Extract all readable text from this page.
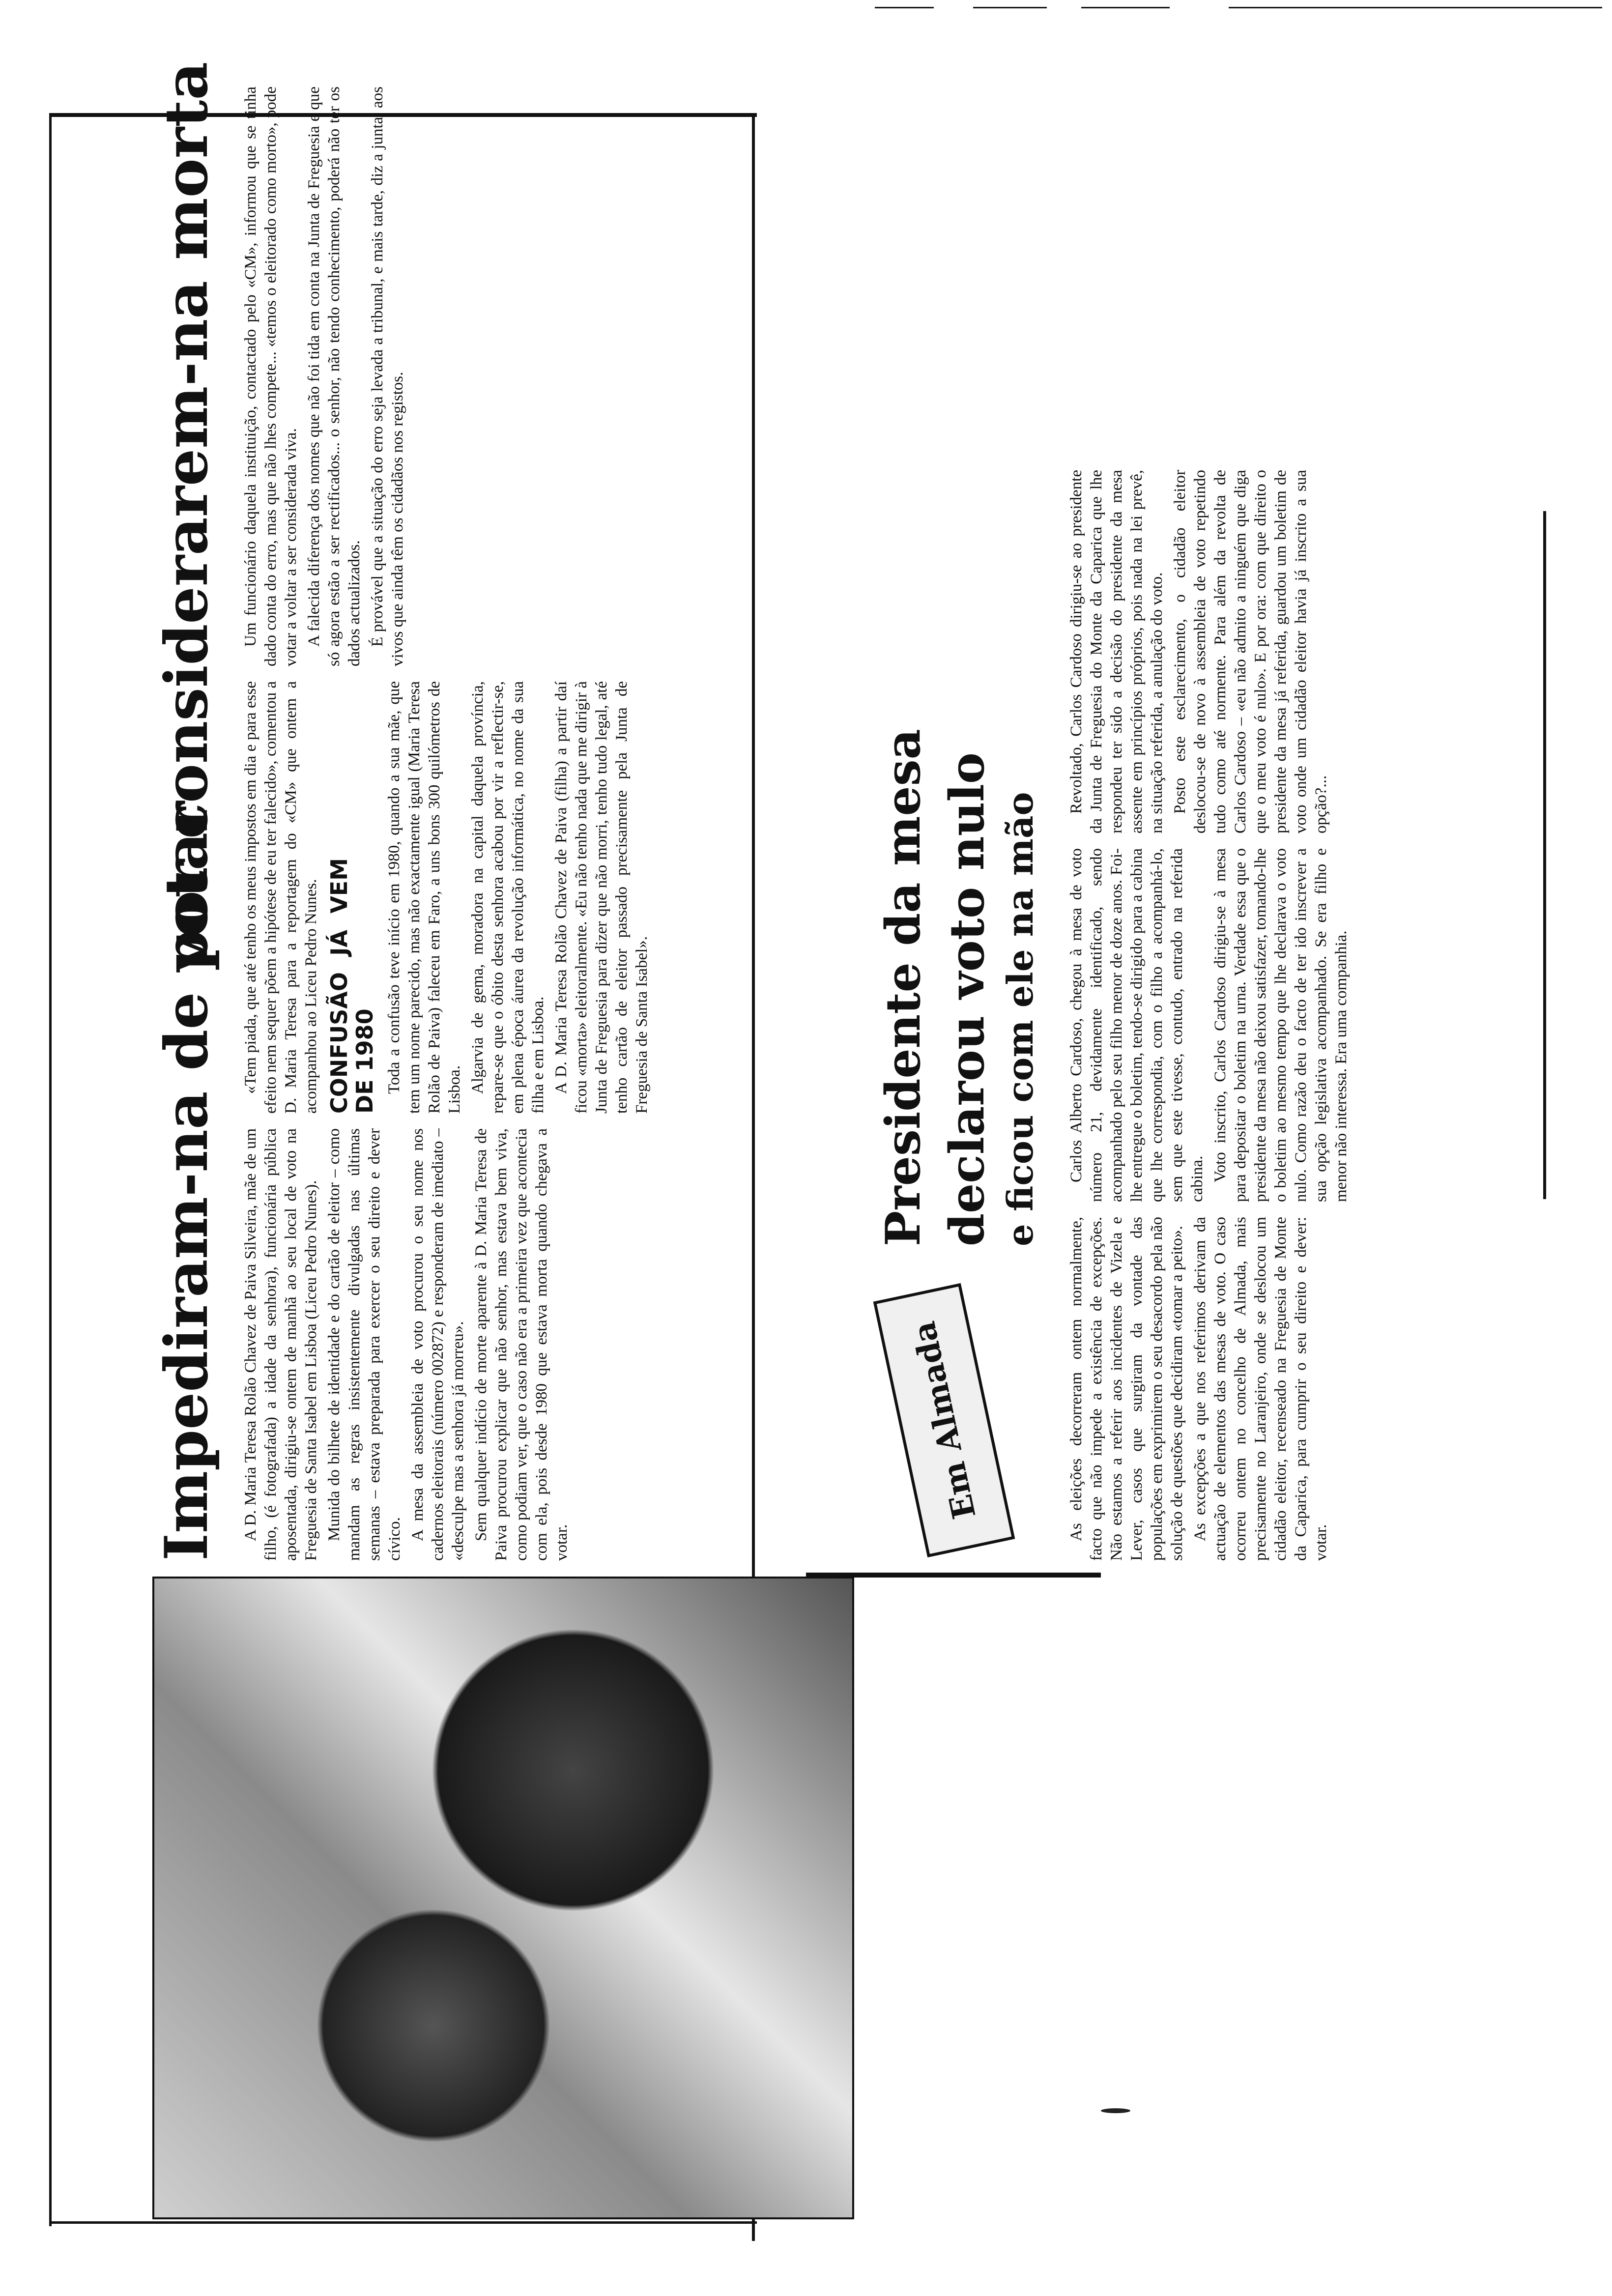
Impediram-na de votar
por considerarem-na morta

A D. Maria Teresa Rolão Chavez de Paiva Silveira, mãe de um filho, (é fotografada) a idade da senhora), funcionária pública aposentada, dirigiu-se ontem de manhã ao seu local de voto na Freguesia de Santa Isabel em Lisboa (Liceu Pedro Nunes). Munida do bilhete de identidade e do cartão de eleitor – como mandam as regras insistentemente divulgadas nas últimas semanas – estava preparada para exercer o seu direito e dever cívico. A mesa da assembleia de voto procurou o seu nome nos cadernos eleitorais (número 002872) e responderam de imediato – «desculpe mas a senhora já morreu». Sem qualquer indício de morte aparente à D. Maria Teresa de Paiva procurou explicar que não senhor, mas estava bem viva, como podiam ver, que o caso não era a primeira vez que acontecia com ela, pois desde 1980 que estava morta quando chegava a votar.

«Tem piada, que até tenho os meus impostos em dia e para esse efeito nem sequer põem a hipótese de eu ter falecido», comentou a D. Maria Teresa para a reportagem do «CM» que ontem a acompanhou ao Liceu Pedro Nunes. CONFUSÃO JÁ VEM DE 1980 Toda a confusão teve início em 1980, quando a sua mãe, que tem um nome parecido, mas não exactamente igual (Maria Teresa Rolão de Paiva) faleceu em Faro, a uns bons 300 quilómetros de Lisboa. Algarvia de gema, moradora na capital daquela província, repare-se que o óbito desta senhora acabou por vir a reflectir-se, em plena época áurea da revolução informática, no nome da sua filha e em Lisboa. A D. Maria Teresa Rolão Chavez de Paiva (filha) a partir daí ficou «morta» eleitoralmente. «Eu não tenho nada que me dirigir à Junta de Freguesia para dizer que não morri, tenho tudo legal, até tenho cartão de eleitor passado precisamente pela Junta de Freguesia de Santa Isabel».

Um funcionário daquela instituição, contactado pelo «CM», informou que se tinha dado conta do erro, mas que não lhes compete... «temos o eleitorado como morto», pode votar a voltar a ser considerada viva. A falecida diferença dos nomes que não foi tida em conta na Junta de Freguesia e que só agora estão a ser rectificados... o senhor, não tendo conhecimento, poderá não ter os dados actualizados. É provável que a situação do erro seja levada a tribunal, e mais tarde, diz a junta, aos vivos que ainda têm os cidadãos nos registos.

Em Almada
Presidente da mesa declarou voto nulo e ficou com ele na mão

As eleições decorreram ontem normalmente, facto que não impede a existência de excepções. Não estamos a referir aos incidentes de Vizela e Lever, casos que surgiram da vontade das populações em exprimirem o seu desacordo pela não solução de questões que decidiram «tomar a peito». As excepções a que nos referimos derivam da actuação de elementos das mesas de voto. O caso ocorreu ontem no concelho de Almada, mais precisamente no Laranjeiro, onde se deslocou um cidadão eleitor, recenseado na Freguesia de Monte da Caparica, para cumprir o seu direito e dever: votar.

Carlos Alberto Cardoso, chegou à mesa de voto número 21, devidamente identificado, sendo acompanhado pelo seu filho menor de doze anos. Foi-lhe entregue o boletim, tendo-se dirigido para a cabina que lhe correspondia, com o filho a acompanhá-lo, sem que este tivesse, contudo, entrado na referida cabina. Voto inscrito, Carlos Cardoso dirigiu-se à mesa para depositar o boletim na urna. Verdade essa que o presidente da mesa não deixou satisfazer, tomando-lhe o boletim ao mesmo tempo que lhe declarava o voto nulo. Como razão deu o facto de ter ido inscrever a sua opção legislativa acompanhado. Se era filho e menor não interessa. Era uma companhia.

Revoltado, Carlos Cardoso dirigiu-se ao presidente da Junta de Freguesia do Monte da Caparica que lhe respondeu ter sido a decisão do presidente da mesa assente em princípios próprios, pois nada na lei prevê, na situação referida, a anulação do voto. Posto este esclarecimento, o cidadão eleitor deslocou-se de novo à assembleia de voto repetindo tudo como até normente. Para além da revolta de Carlos Cardoso – «eu não admito a ninguém que diga que o meu voto é nulo». E por ora: com que direito o presidente da mesa já referida, guardou um boletim de voto onde um cidadão eleitor havia já inscrito a sua opção?...
